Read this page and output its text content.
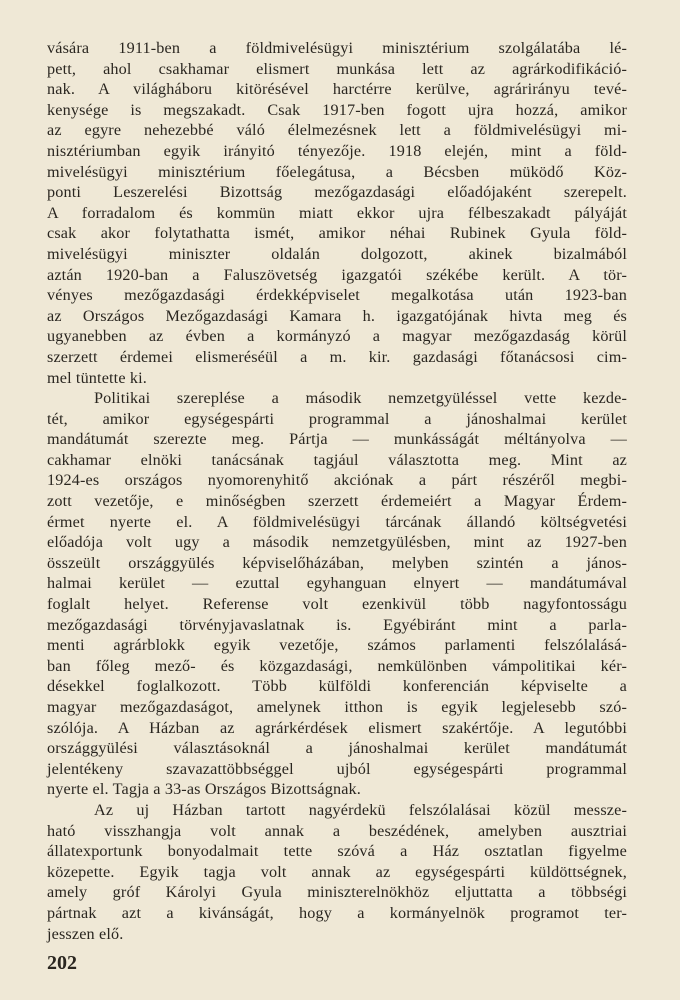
vására 1911-ben a földmivelésügyi minisztérium szolgálatába lé-
pett, ahol csakhamar elismert munkása lett az agrárkodifikáció-
nak. A világháboru kitörésével harctérre kerülve, agrárirányu tevé-
kenysége is megszakadt. Csak 1917-ben fogott ujra hozzá, amikor
az egyre nehezebbé váló élelmezésnek lett a földmivelésügyi mi-
nisztériumban egyik irányitó tényezője. 1918 elején, mint a föld-
mivelésügyi minisztérium főelegátusa, a Bécsben müködő Köz-
ponti Leszerelési Bizottság mezőgazdasági előadójaként szerepelt.
A forradalom és kommün miatt ekkor ujra félbeszakadt pályáját
csak akor folytathatta ismét, amikor néhai Rubinek Gyula föld-
mivelésügyi miniszter oldalán dolgozott, akinek bizalmából
aztán 1920-ban a Faluszövetség igazgatói székébe került. A tör-
vényes mezőgazdasági érdekképviselet megalkotása után 1923-ban
az Országos Mezőgazdasági Kamara h. igazgatójának hivta meg és
ugyanebben az évben a kormányzó a magyar mezőgazdaság körül
szerzett érdemei elismeréséül a m. kir. gazdasági főtanácsosi cim-
mel tüntette ki.
Politikai szereplése a második nemzetgyüléssel vette kezde-
tét, amikor egységespárti programmal a jánoshalmai kerület
mandátumát szerezte meg. Pártja — munkásságát méltányolva —
cakhamar elnöki tanácsának tagjául választotta meg. Mint az
1924-es országos nyomorenyhitő akciónak a párt részéről megbi-
zott vezetője, e minőségben szerzett érdemeiért a Magyar Érdem-
érmet nyerte el. A földmivelésügyi tárcának állandó költségvetési
előadója volt ugy a második nemzetgyülésben, mint az 1927-ben
összeült országgyülés képviselőházában, melyben szintén a jános-
halmai kerület — ezuttal egyhanguan elnyert — mandátumával
foglalt helyet. Referense volt ezenkivül több nagyfontosságu
mezőgazdasági törvényjavaslatnak is. Egyébiránt mint a parla-
menti agrárblokk egyik vezetője, számos parlamenti felszólalásá-
ban főleg mező- és közgazdasági, nemkülönben vámpolitikai kér-
désekkel foglalkozott. Több külföldi konferencián képviselte a
magyar mezőgazdaságot, amelynek itthon is egyik legjelesebb szó-
szólója. A Házban az agrárkérdések elismert szakértője. A legutóbbi
országgyülési választásoknál a jánoshalmai kerület mandátumát
jelentékeny szavazattöbbséggel ujból egységespárti programmal
nyerte el. Tagja a 33-as Országos Bizottságnak.
Az uj Házban tartott nagyérdekü felszólalásai közül messze-
ható visszhangja volt annak a beszédének, amelyben ausztriai
állatexportunk bonyodalmait tette szóvá a Ház osztatlan figyelme
közepette. Egyik tagja volt annak az egységespárti küldöttségnek,
amely gróf Károlyi Gyula miniszterelnökhöz eljuttatta a többségi
pártnak azt a kivánságát, hogy a kormányelnök programot ter-
jesszen elő.
202
